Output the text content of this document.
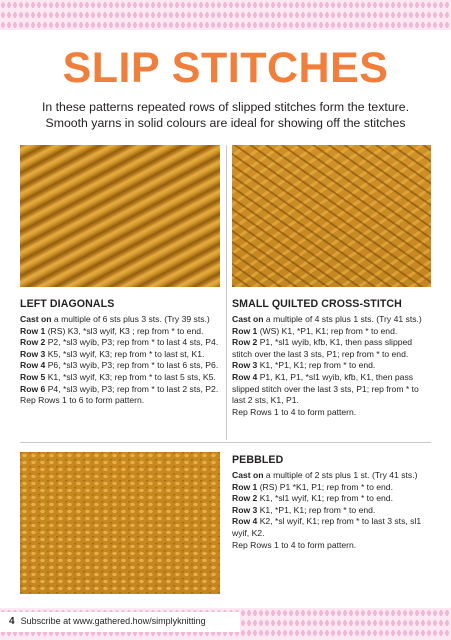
SLIP STITCHES
In these patterns repeated rows of slipped stitches form the texture.
Smooth yarns in solid colours are ideal for showing off the stitches
LEFT DIAGONALS

Cast on a multiple of 6 sts plus 3 sts. (Try 39 sts.)

Row 1 (RS) K3, *sl3 wyif, K3 ; rep from * to end.

Row 2 P2, *sl3 wyib, P3; rep from * to last 4 sts, P4.

Row 3 K5, *sl3 wyif, K3; rep from * to last st, K1.

Row 4 P6, *sl3 wyib, P3; rep from * to last 6 sts, P6.

Row 5 K1, *sl3 wyif, K3; rep from * to last 5 sts, K5.

Row 6 P4, *sl3 wyib, P3; rep from * to last 2 sts, P2.

Rep Rows 1 to 6 to form pattern.

SMALL QUILTED CROSS-STITCH

Cast on a multiple of 4 sts plus 1 sts. (Try 41 sts.)

Row 1 (WS) K1, *P1, K1; rep from * to end.

Row 2 P1, *sl1 wyib, kfb, K1, then pass slipped stitch over the last 3 sts, P1; rep from * to end.

Row 3 K1, *P1, K1; rep from * to end.

Row 4 P1, K1, P1, *sl1 wyib, kfb, K1, then pass slipped stitch over the last 3 sts, P1; rep from * to last 2 sts, K1, P1.

Rep Rows 1 to 4 to form pattern.

PEBBLED

Cast on a multiple of 2 sts plus 1 st. (Try 41 sts.)

Row 1 (RS) P1 *K1, P1; rep from * to end.

Row 2 K1, *sl1 wyif, K1; rep from * to end.

Row 3 K1, *P1, K1; rep from * to end.

Row 4 K2, *sl wyif, K1; rep from * to last 3 sts, sl1 wyif, K2.

Rep Rows 1 to 4 to form pattern.

4 Subscribe at www.gathered.how/simplyknitting
